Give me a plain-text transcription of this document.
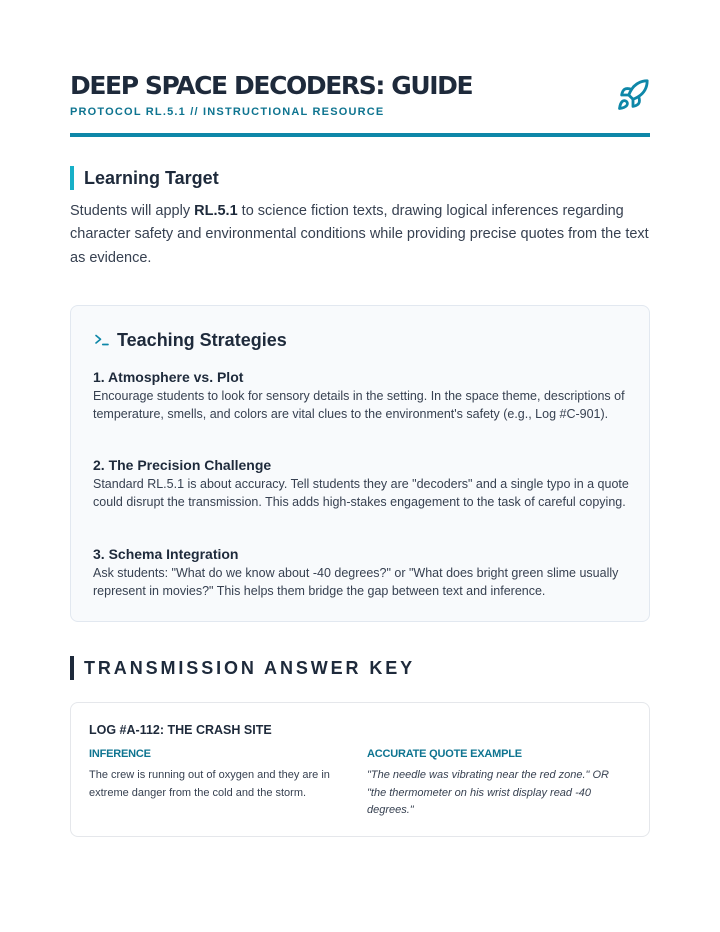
DEEP SPACE DECODERS: GUIDE
PROTOCOL RL.5.1 // INSTRUCTIONAL RESOURCE
Learning Target

Students will apply RL.5.1 to science fiction texts, drawing logical inferences regarding character safety and environmental conditions while providing precise quotes from the text as evidence.

Teaching Strategies
1. Atmosphere vs. Plot

Encourage students to look for sensory details in the setting. In the space theme, descriptions of temperature, smells, and colors are vital clues to the environment's safety (e.g., Log #C-901).

2. The Precision Challenge

Standard RL.5.1 is about accuracy. Tell students they are "decoders" and a single typo in a quote could disrupt the transmission. This adds high-stakes engagement to the task of careful copying.

3. Schema Integration

Ask students: "What do we know about -40 degrees?" or "What does bright green slime usually represent in movies?" This helps them bridge the gap between text and inference.

TRANSMISSION ANSWER KEY
LOG #A-112: THE CRASH SITE
INFERENCE
The crew is running out of oxygen and they are in extreme danger from the cold and the storm.
ACCURATE QUOTE EXAMPLE
"The needle was vibrating near the red zone." OR "the thermometer on his wrist display read -40 degrees."
